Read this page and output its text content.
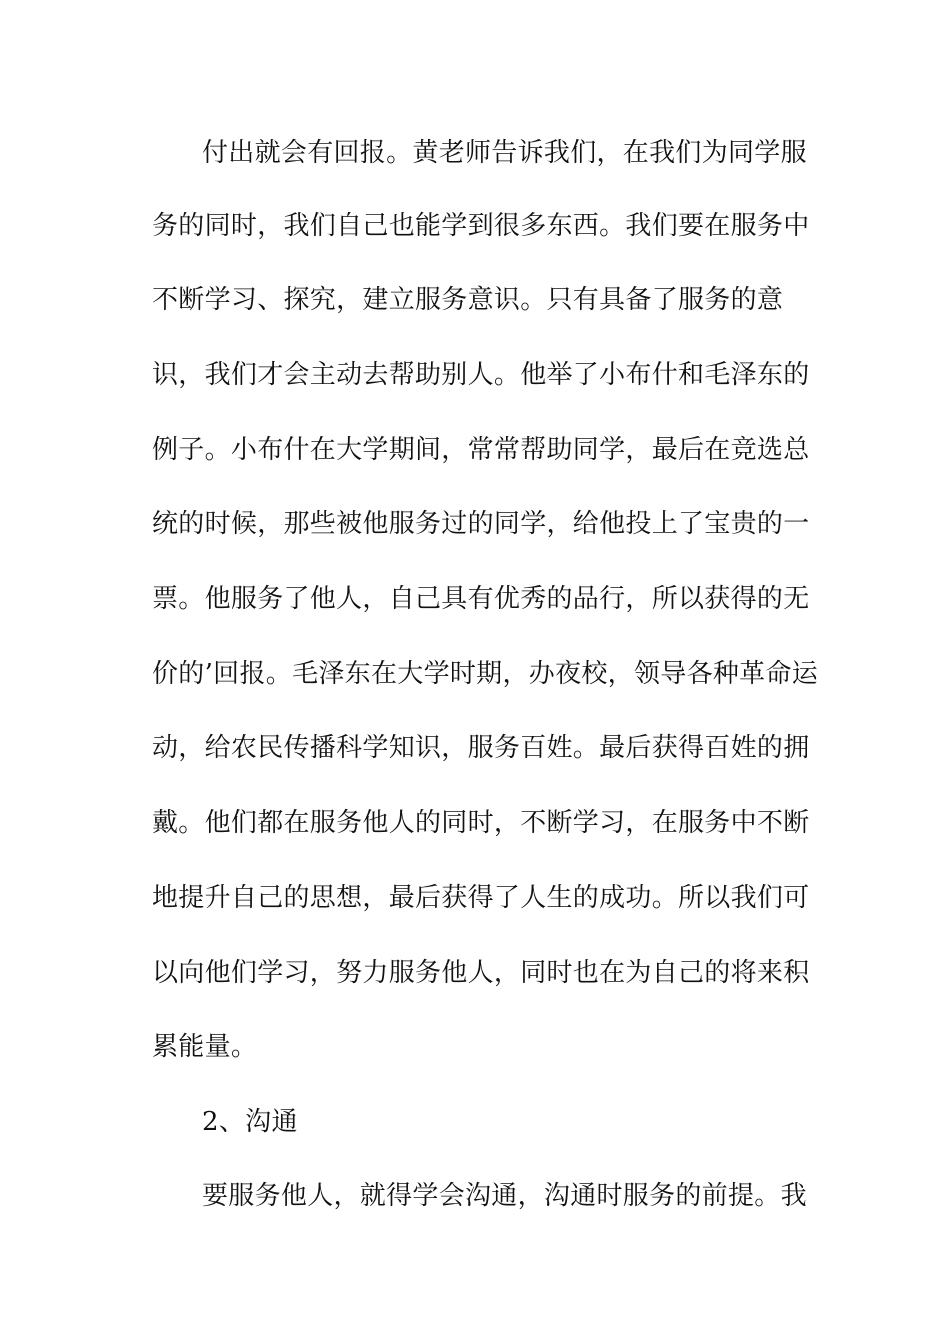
付出就会有回报。黄老师告诉我们，在我们为同学服
务的同时，我们自己也能学到很多东西。我们要在服务中
不断学习、探究，建立服务意识。只有具备了服务的意
识，我们才会主动去帮助别人。他举了小布什和毛泽东的
例子。小布什在大学期间，常常帮助同学，最后在竞选总
统的时候，那些被他服务过的同学，给他投上了宝贵的一
票。他服务了他人，自己具有优秀的品行，所以获得的无
价的’回报。毛泽东在大学时期，办夜校，领导各种革命运
动，给农民传播科学知识，服务百姓。最后获得百姓的拥
戴。他们都在服务他人的同时，不断学习，在服务中不断
地提升自己的思想，最后获得了人生的成功。所以我们可
以向他们学习，努力服务他人，同时也在为自己的将来积
累能量。
2、沟通
要服务他人，就得学会沟通，沟通时服务的前提。我
